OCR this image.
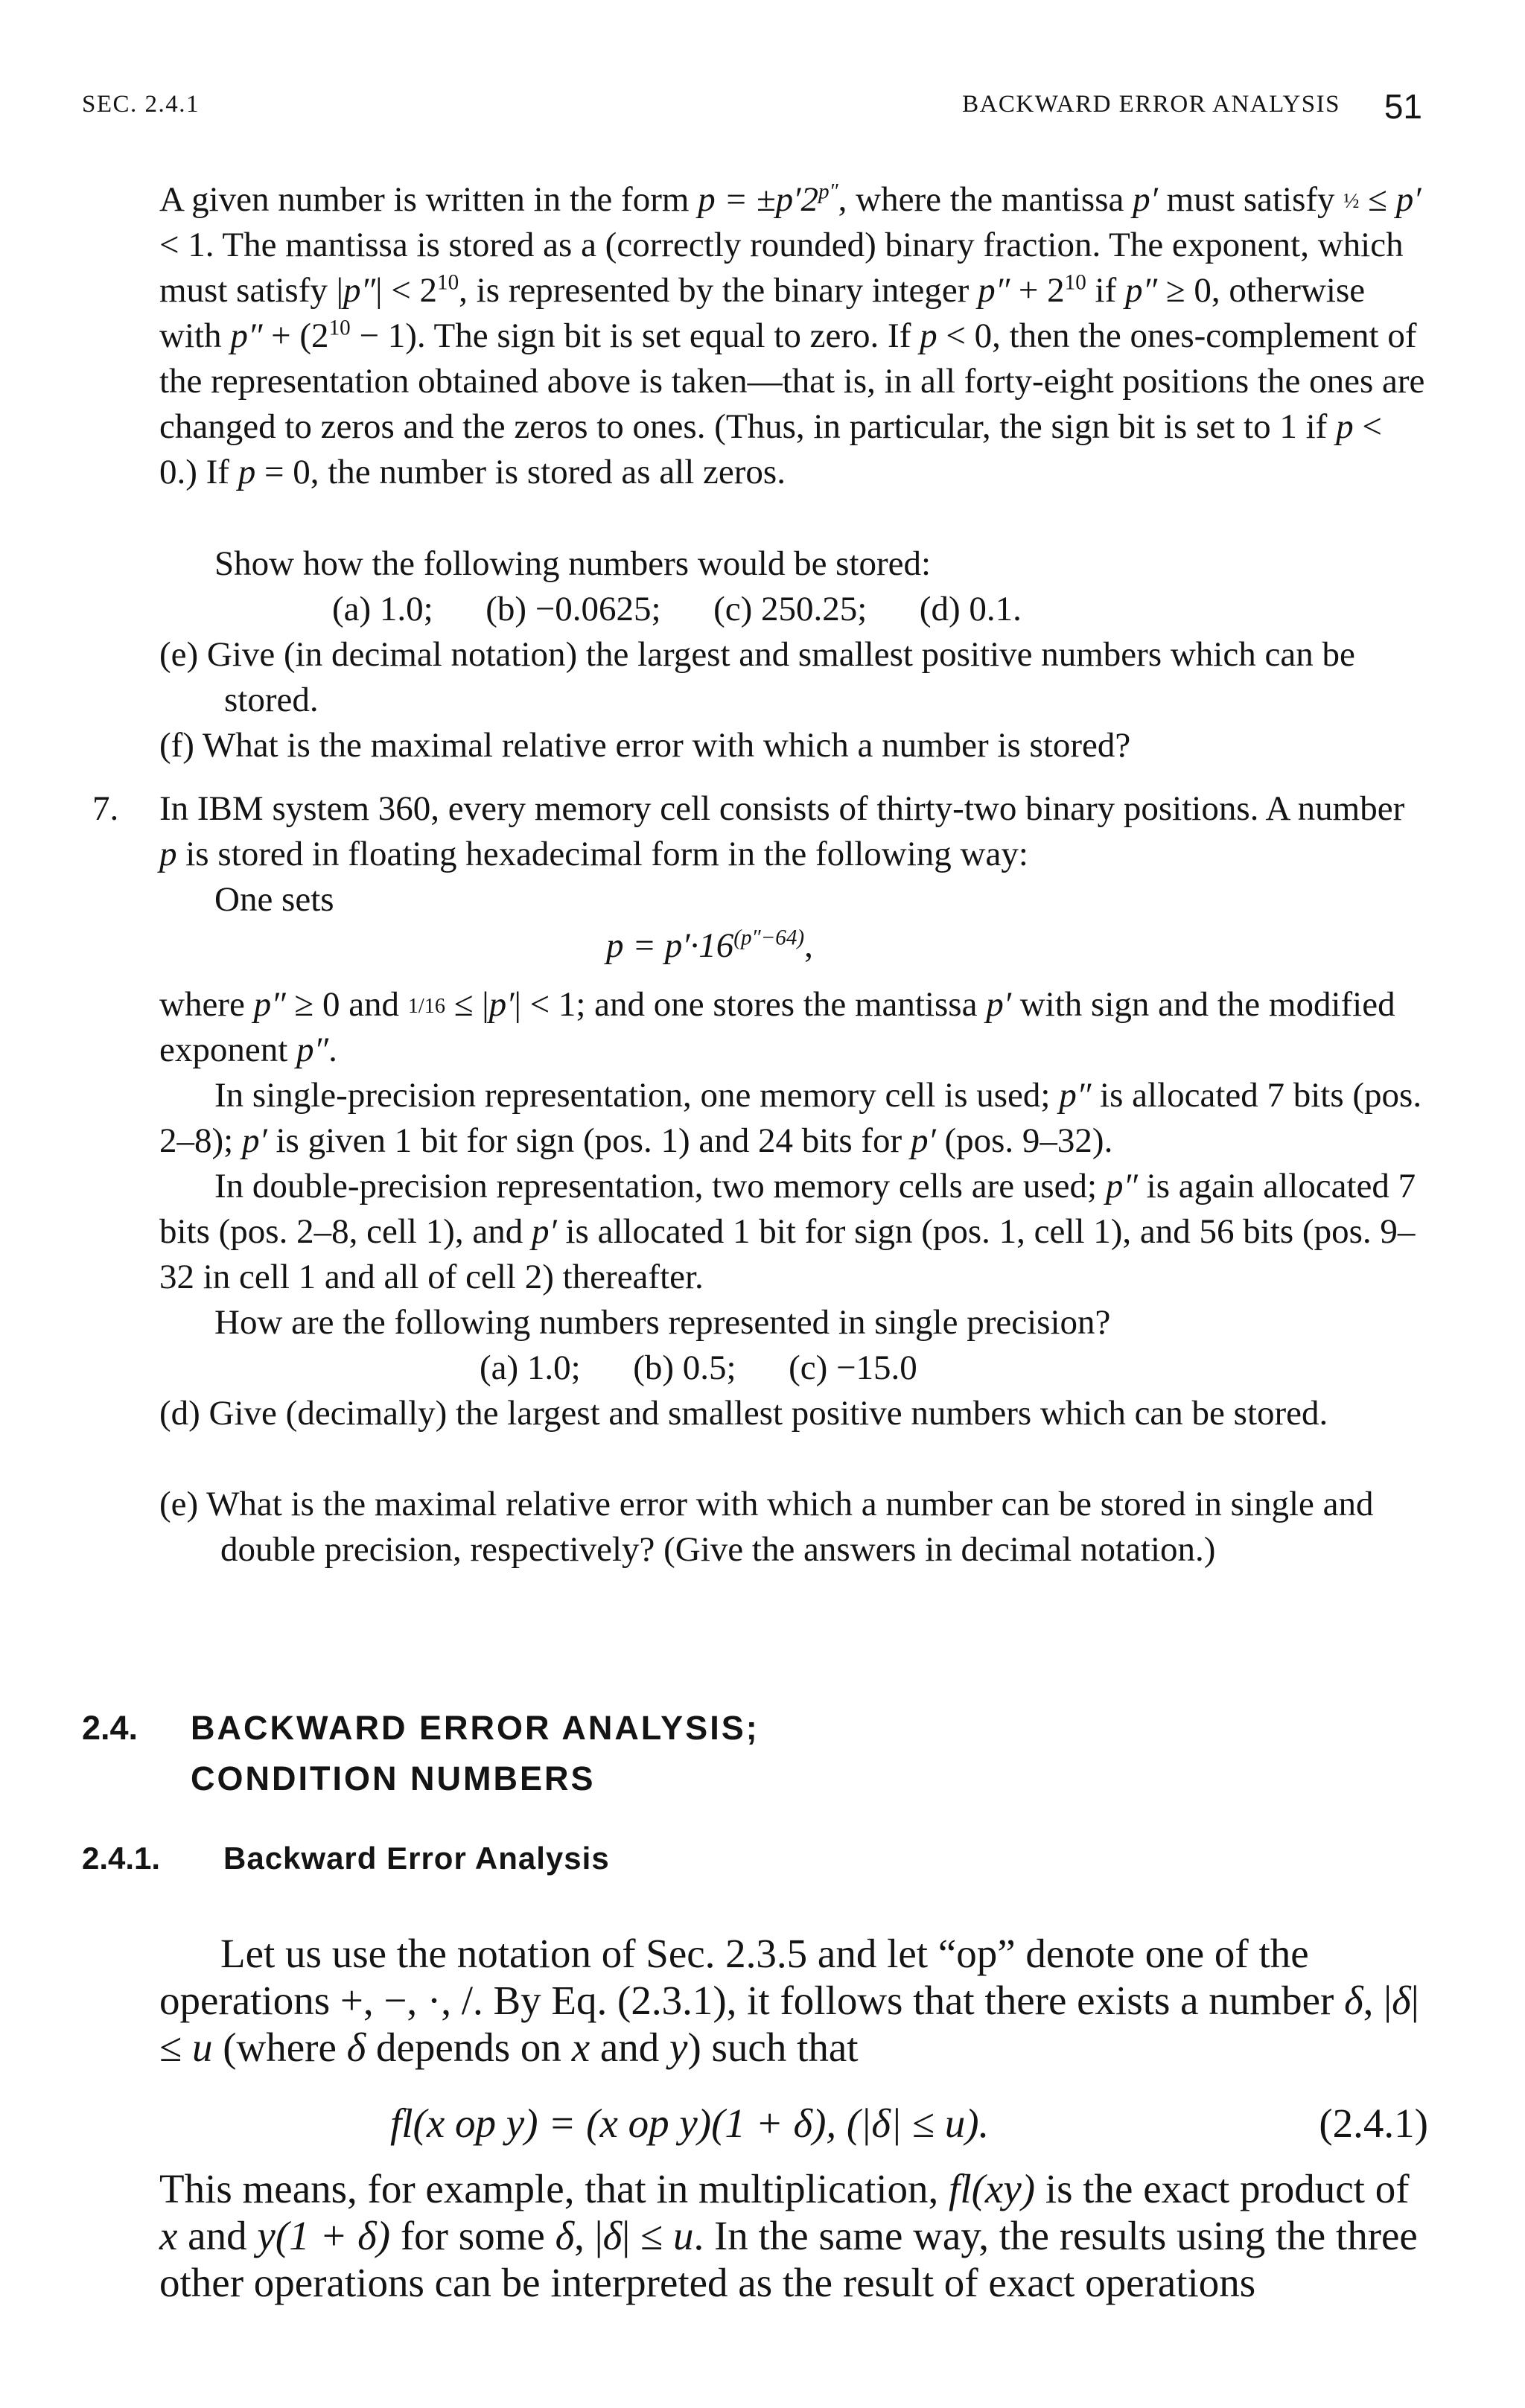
SEC. 2.4.1	BACKWARD ERROR ANALYSIS 51

A given number is written in the form $p = \pm p'2^{p''}$, where the mantissa p′ must satisfy ½ ≤ p′ < 1. The mantissa is stored as a (correctly rounded) binary fraction. The exponent, which must satisfy $|p''| < 2^{10}$, is represented by the binary integer $p'' + 2^{10}$ if p″ ≥ 0, otherwise with $p'' + (2^{10} - 1)$. The sign bit is set equal to zero. If p < 0, then the ones-complement of the representation obtained above is taken—that is, in all forty-eight positions the ones are changed to zeros and the zeros to ones. (Thus, in particular, the sign bit is set to 1 if p < 0.) If p = 0, the number is stored as all zeros.

Show how the following numbers would be stored:

(a) 1.0;      (b) −0.0625;      (c) 250.25;      (d) 0.1.

(e) Give (in decimal notation) the largest and smallest positive numbers which can be stored.

(f) What is the maximal relative error with which a number is stored?

7. In IBM system 360, every memory cell consists of thirty-two binary positions. A number p is stored in floating hexadecimal form in the following way:

One sets

$p = p'\cdot 16^{(p''-64)}$,

where p″ ≥ 0 and 1/16 ≤ |p′| < 1; and one stores the mantissa p′ with sign and the modified exponent p″.

In single-precision representation, one memory cell is used; p″ is allocated 7 bits (pos. 2–8); p′ is given 1 bit for sign (pos. 1) and 24 bits for p′ (pos. 9–32).

In double-precision representation, two memory cells are used; p″ is again allocated 7 bits (pos. 2–8, cell 1), and p′ is allocated 1 bit for sign (pos. 1, cell 1), and 56 bits (pos. 9–32 in cell 1 and all of cell 2) thereafter.

How are the following numbers represented in single precision?

(a) 1.0;      (b) 0.5;      (c) −15.0

(d) Give (decimally) the largest and smallest positive numbers which can be stored.

(e) What is the maximal relative error with which a number can be stored in single and double precision, respectively? (Give the answers in decimal notation.)

2.4. BACKWARD ERROR ANALYSIS;
CONDITION NUMBERS
2.4.1. Backward Error Analysis

Let us use the notation of Sec. 2.3.5 and let “op” denote one of the operations +, −, ·, /. By Eq. (2.3.1), it follows that there exists a number δ, |δ| ≤ u (where δ depends on x and y) such that

fl(x op y) = (x op y)(1 + δ), (|δ| ≤ u).	(2.4.1)

This means, for example, that in multiplication, fl(xy) is the exact product of x and y(1 + δ) for some δ, |δ| ≤ u. In the same way, the results using the three other operations can be interpreted as the result of exact operations
